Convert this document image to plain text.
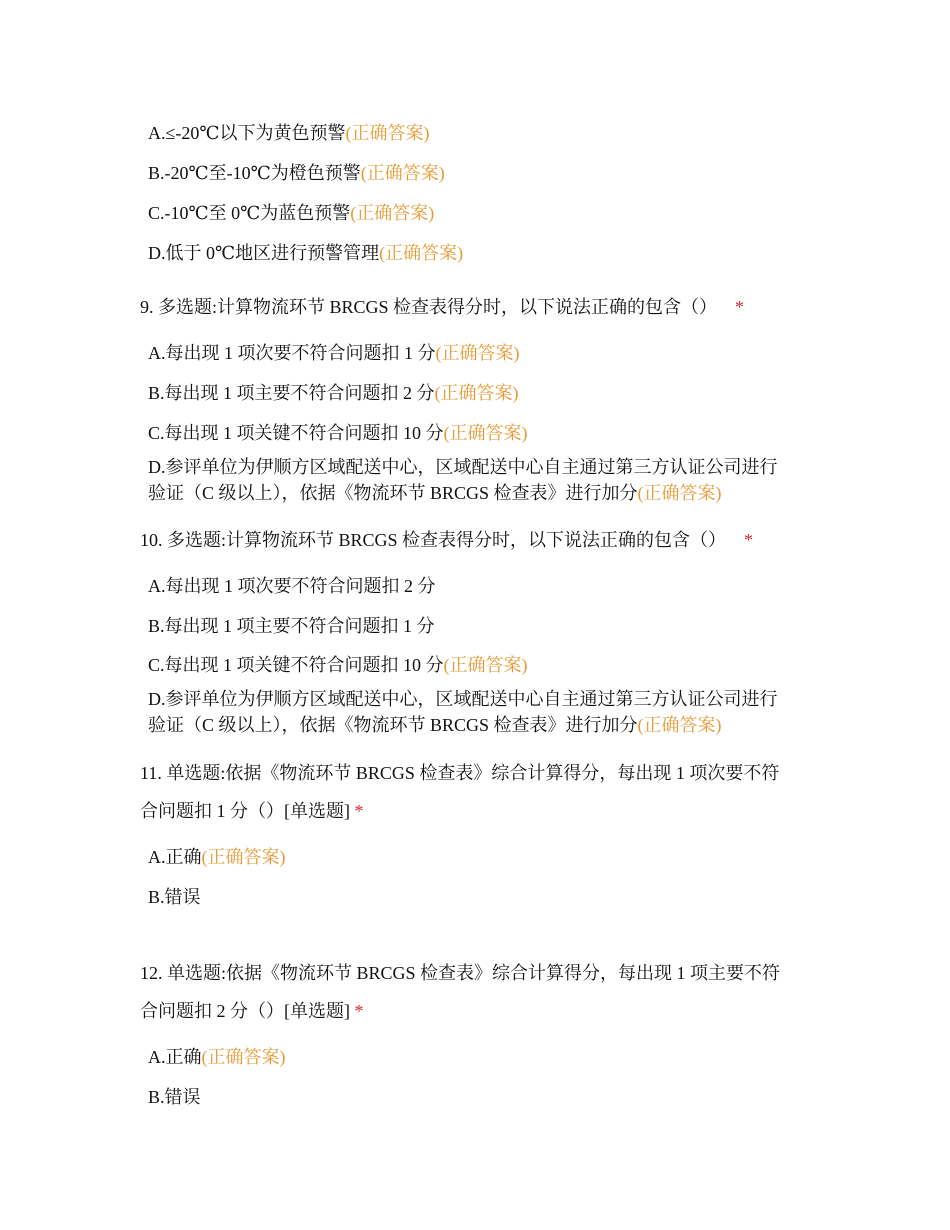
A.≤-20℃以下为黄色预警(正确答案)
B.-20℃至-10℃为橙色预警(正确答案)
C.-10℃至 0℃为蓝色预警(正确答案)
D.低于 0℃地区进行预警管理(正确答案)
9. 多选题:计算物流环节 BRCGS 检查表得分时，以下说法正确的包含（） *
A.每出现 1 项次要不符合问题扣 1 分(正确答案)
B.每出现 1 项主要不符合问题扣 2 分(正确答案)
C.每出现 1 项关键不符合问题扣 10 分(正确答案)
D.参评单位为伊顺方区域配送中心，区域配送中心自主通过第三方认证公司进行
验证（C 级以上），依据《物流环节 BRCGS 检查表》进行加分(正确答案)
10. 多选题:计算物流环节 BRCGS 检查表得分时，以下说法正确的包含（） *
A.每出现 1 项次要不符合问题扣 2 分
B.每出现 1 项主要不符合问题扣 1 分
C.每出现 1 项关键不符合问题扣 10 分(正确答案)
D.参评单位为伊顺方区域配送中心，区域配送中心自主通过第三方认证公司进行
验证（C 级以上），依据《物流环节 BRCGS 检查表》进行加分(正确答案)
11. 单选题:依据《物流环节 BRCGS 检查表》综合计算得分，每出现 1 项次要不符
合问题扣 1 分（）[单选题] *
A.正确(正确答案)
B.错误
12. 单选题:依据《物流环节 BRCGS 检查表》综合计算得分，每出现 1 项主要不符
合问题扣 2 分（）[单选题] *
A.正确(正确答案)
B.错误
